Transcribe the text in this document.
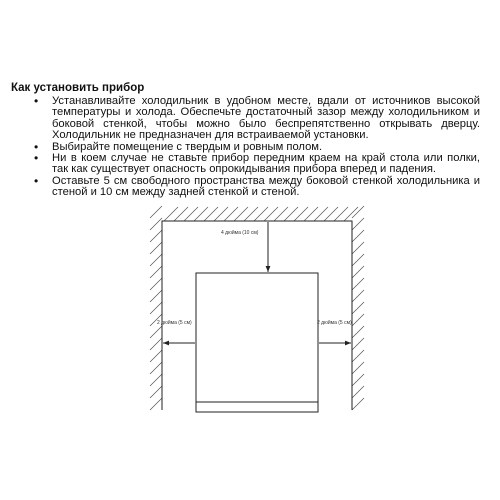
Как установить прибор
• Устанавливайте холодильник в удобном месте, вдали от источников высокой температуры и холода. Обеспечьте достаточный зазор между холодильником и боковой стенкой, чтобы можно было беспрепятственно открывать дверцу. Холодильник не предназначен для встраиваемой установки.
• Выбирайте помещение с твердым и ровным полом.
• Ни в коем случае не ставьте прибор передним краем на край стола или полки, так как существует опасность опрокидывания прибора вперед и падения.
• Оставьте 5 см свободного пространства между боковой стенкой холодильника и стеной и 10 см между задней стенкой и стеной.
4 дюйма (10 см)
2 дюйма (5 см)	2 дюйма (5 см)
